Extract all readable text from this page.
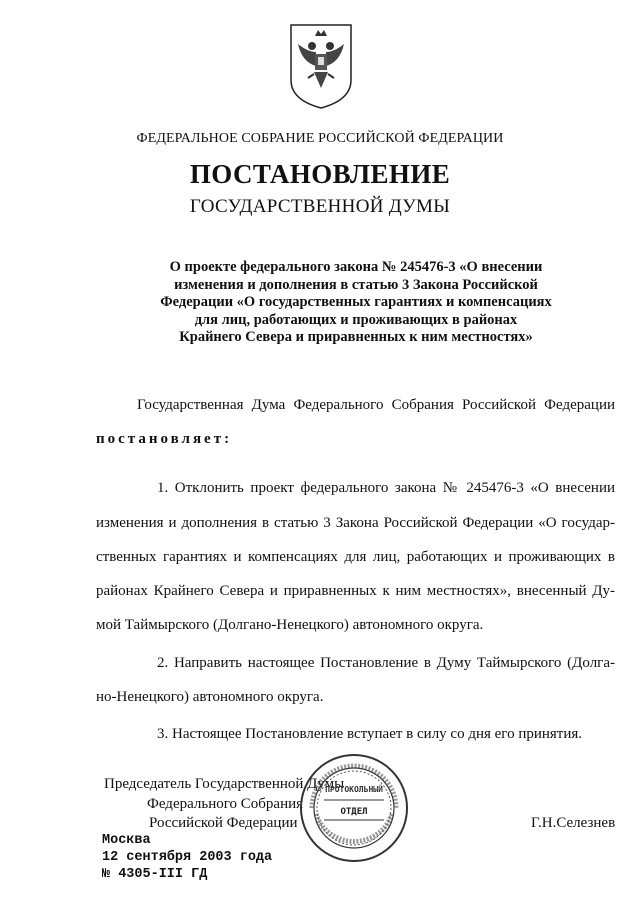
ФЕДЕРАЛЬНОЕ СОБРАНИЕ РОССИЙСКОЙ ФЕДЕРАЦИИ
ПОСТАНОВЛЕНИЕ
ГОСУДАРСТВЕННОЙ ДУМЫ
О проекте федерального закона № 245476-3 «О внесении
изменения и дополнения в статью 3 Закона Российской
Федерации «О государственных гарантиях и компенсациях
для лиц, работающих и проживающих в районах
Крайнего Севера и приравненных к ним местностях»
Государственная Дума Федерального Собрания Российской Федерации
постановляет:
1. Отклонить проект федерального закона № 245476-3 «О внесении
изменения и дополнения в статью 3 Закона Российской Федерации «О государ-
ственных гарантиях и компенсациях для лиц, работающих и проживающих в
районах Крайнего Севера и приравненных к ним местностях», внесенный Ду-
мой Таймырского (Долгано-Ненецкого) автономного округа.
2. Направить настоящее Постановление в Думу Таймырского (Долга-
но-Ненецкого) автономного округа.
3. Настоящее Постановление вступает в силу со дня его принятия.
Председатель Государственной Думы
Федерального Собрания
Российской Федерации	Г.Н.Селезнев
ПРОТОКОЛЬНЫЙ
ОТДЕЛ
Москва
12 сентября 2003 года
№ 4305-III ГД
